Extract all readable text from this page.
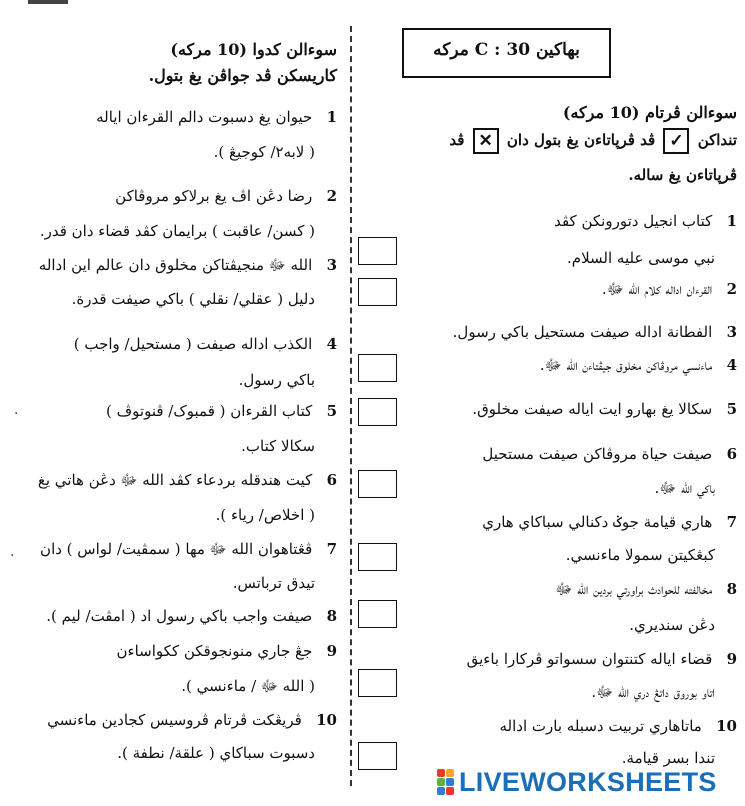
بهاکين C : 30 مرکه
سوءالن کدوا (10 مرکه)
کاريسکن ڤد جواڤن يغ بتول.
1   حيوان يغ دسبوت دالم القرءان اياله
( لابه٢/ کوجيڠ ).
2   رضا دڠن اڤ يغ برلاکو مروڤاکن
( کسن/ عاقبت ) برايمان کڤد قضاء دان قدر.
3   الله ﷻ منجيڤتاکن مخلوق دان عالم اين اداله
دليل ( عقلي/ نقلي ) باکي صيفت قدرة.
4   الکذب اداله صيفت ( مستحيل/ واجب )
باکي رسول.
5   کتاب القرءان ( قمبوک/ ڤنوتوڤ )
سکالا کتاب.
6   کيت هندقله بردعاء کڤد الله ﷻ دڠن هاتي يغ
( اخلاص/ رياء ).
7   ڤڠتاهوان الله ﷻ مها ( سمڤيت/ لواس ) دان
تيدق ترباتس.
8   صيفت واجب باکي رسول اد ( امڤت/ ليم ).
9   جڠ جاري منونجوقکن ککواساءن
( الله ﷻ / ماءنسي ).
10   ڤريڠکت ڤرتام ڤروسيس کجادين ماءنسي
دسبوت سباکاي ( علقة/ نطفة ).
·
·
سوءالن ڤرتام (10 مرکه)
تنداکن ✓ ڤد ڤرڽاتاءن يغ بتول دان ✕ ڤد
ڤرڽاتاءن يغ ساله.
1   کتاب انجيل دتورونکن کڤد
نبي موسى عليه السلام.
2   القرءان اداله کلام الله ﷻ.
3   الفطانة اداله صيفت مستحيل باکي رسول.
4   ماءنسي مروڤاکن مخلوق جيڤتاءن الله ﷻ.
5   سکالا يغ بهارو ايت اياله صيفت مخلوق.
6   صيفت حياة مروڤاکن صيفت مستحيل
باکي الله ﷻ.
7   هاري قيامة جوݢ دکنالي سباکاي هاري
کبڠکيتن سمولا ماءنسي.
8   مخالفته للحوادث براورتي بردين الله ﷻ
دڠن سنديري.
9   قضاء اياله کتنتوان سسواتو ڤرکارا باءيق
اتاو بوروق داتڠ دري الله ﷻ.
10   ماتاهاري تربيت دسبله بارت اداله
تندا بسر قيامة.
LIVEWORKSHEETS
